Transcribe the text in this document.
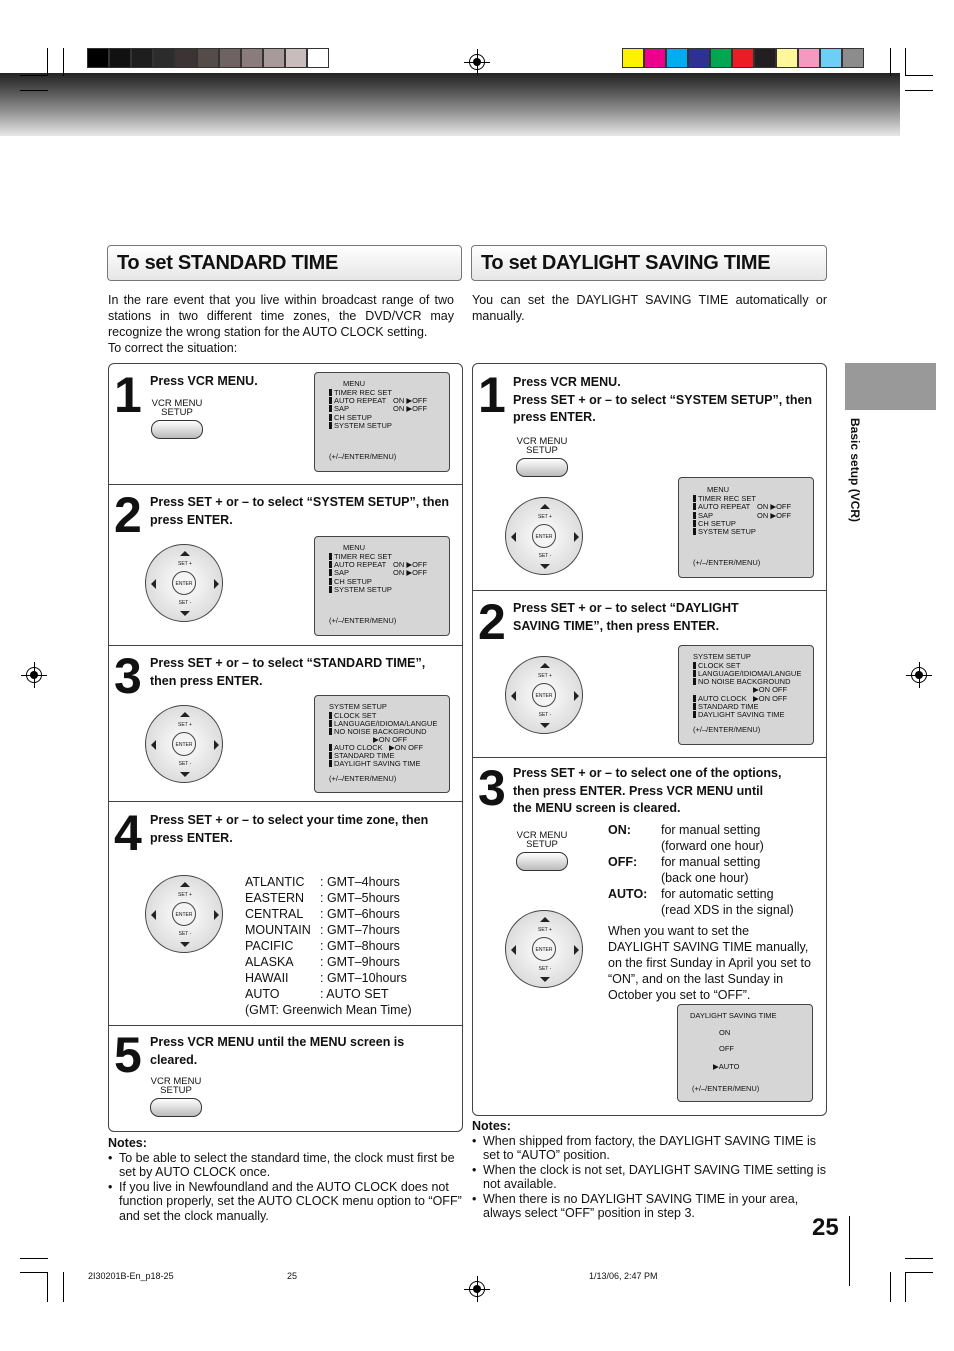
Basic setup (VCR)
25
To set STANDARD TIME
In the rare event that you live within broadcast range of two stations in two different time zones, the DVD/VCR may recognize the wrong station for the AUTO CLOCK setting.
To correct the situation:
1 Press VCR MENU.
VCR MENU
SETUP
MENU
TIMER REC SET
AUTO REPEAT ON ▶OFF
SAP	ON ▶OFF
CH SETUP
SYSTEM SETUP
(+/–/ENTER/MENU)
2 Press SET + or – to select “SYSTEM SETUP”, then press ENTER.
SET +
ENTER
SET -
MENU
TIMER REC SET
AUTO REPEAT ON ▶OFF
SAP	ON ▶OFF
CH SETUP
SYSTEM SETUP
(+/–/ENTER/MENU)
3 Press SET + or – to select “STANDARD TIME”, then press ENTER.
SET +
ENTER
SET -
SYSTEM SETUP
CLOCK SET
LANGUAGE/IDIOMA/LANGUE
NO NOISE BACKGROUND
▶ON OFF
AUTO CLOCK ▶ON OFF
STANDARD TIME
DAYLIGHT SAVING TIME
(+/–/ENTER/MENU)
4 Press SET + or – to select your time zone, then press ENTER.
SET +
ENTER
SET -
ATLANTIC : GMT–4hours
EASTERN : GMT–5hours
CENTRAL : GMT–6hours
MOUNTAIN : GMT–7hours
PACIFIC : GMT–8hours
ALASKA : GMT–9hours
HAWAII	: GMT–10hours
AUTO	: AUTO SET
(GMT: Greenwich Mean Time)
5 Press VCR MENU until the MENU screen is cleared.
VCR MENU
SETUP
Notes:
• To be able to select the standard time, the clock must first be set by AUTO CLOCK once.
• If you live in Newfoundland and the AUTO CLOCK does not function properly, set the AUTO CLOCK menu option to “OFF” and set the clock manually.
To set DAYLIGHT SAVING TIME
You can set the DAYLIGHT SAVING TIME automatically or manually.
1 Press VCR MENU.
Press SET + or – to select “SYSTEM SETUP”, then press ENTER.
VCR MENU
SETUP
SET +
ENTER
SET -
MENU
TIMER REC SET
AUTO REPEAT ON ▶OFF
SAP	ON ▶OFF
CH SETUP
SYSTEM SETUP
(+/–/ENTER/MENU)
2 Press SET + or – to select “DAYLIGHT SAVING TIME”, then press ENTER.
SET +
ENTER
SET -
SYSTEM SETUP
CLOCK SET
LANGUAGE/IDIOMA/LANGUE
NO NOISE BACKGROUND
▶ON OFF
AUTO CLOCK ▶ON OFF
STANDARD TIME
DAYLIGHT SAVING TIME
(+/–/ENTER/MENU)
3 Press SET + or – to select one of the options, then press ENTER. Press VCR MENU until the MENU screen is cleared.
VCR MENU
SETUP
SET +
ENTER
SET -
ON: for manual setting
(forward one hour)
OFF: for manual setting
(back one hour)
AUTO: for automatic setting
(read XDS in the signal)
When you want to set the DAYLIGHT SAVING TIME manually, on the first Sunday in April you set to “ON”, and on the last Sunday in October you set to “OFF”.
DAYLIGHT SAVING TIME
ON
OFF
▶AUTO
(+/–/ENTER/MENU)
Notes:
• When shipped from factory, the DAYLIGHT SAVING TIME is set to “AUTO” position.
• When the clock is not set, DAYLIGHT SAVING TIME setting is not available.
• When there is no DAYLIGHT SAVING TIME in your area, always select “OFF” position in step 3.
2I30201B-En_p18-25	25	1/13/06, 2:47 PM
